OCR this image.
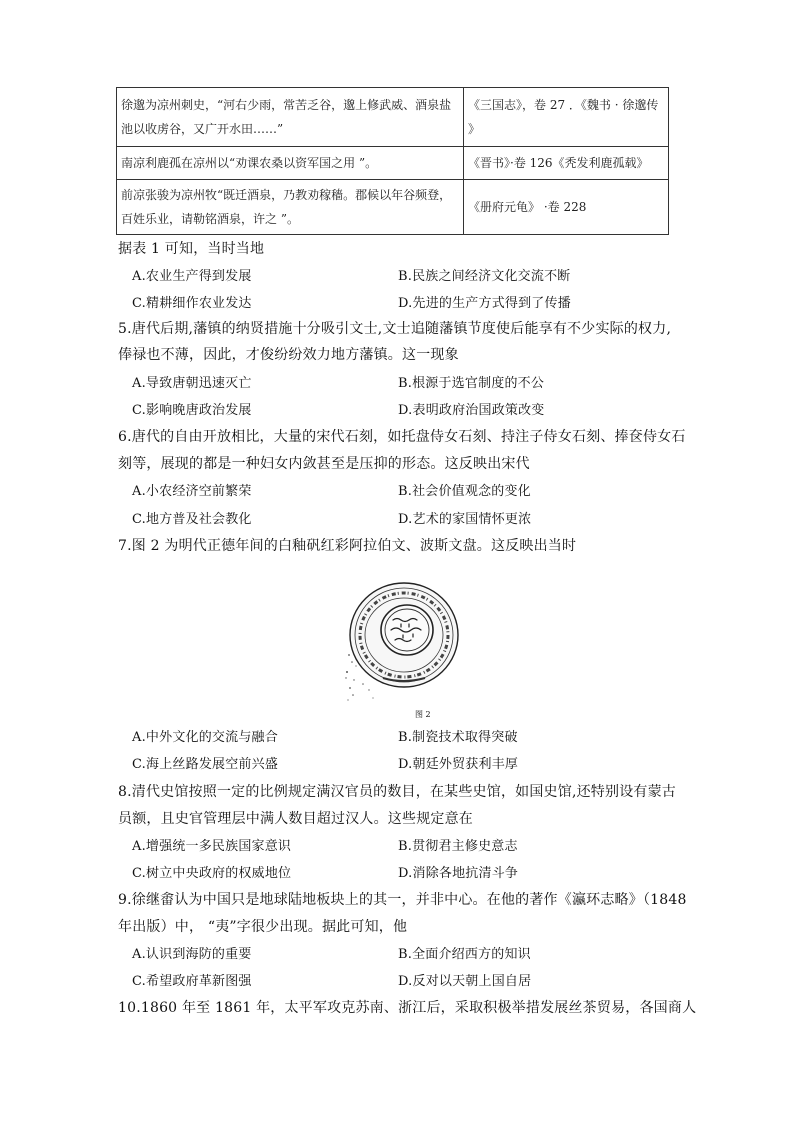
徐邈为凉州刺史，“河右少雨，常苦乏谷，邈上修武威、酒泉盐池以收虏谷，又广开水田……”	《三国志》，卷 27 ．《魏书 · 徐邈传 》
南凉利鹿孤在凉州以“劝课农桑以资军国之用 ”。	《晋书》·卷 126《秃发利鹿孤载》
前凉张骏为凉州牧“既迁酒泉，乃教劝稼穑。郡候以年谷频登，百姓乐业，请勒铭酒泉，许之 ”。	《册府元龟》 ·卷 228
据表 1 可知，当时当地
A.农业生产得到发展	B.民族之间经济文化交流不断
C.精耕细作农业发达	D.先进的生产方式得到了传播
5.唐代后期,藩镇的纳贤措施十分吸引文士,文士追随藩镇节度使后能享有不少实际的权力,
俸禄也不薄，因此，才俊纷纷效力地方藩镇。这一现象
A.导致唐朝迅速灭亡	B.根源于选官制度的不公
C.影响晚唐政治发展	D.表明政府治国政策改变
6.唐代的自由开放相比，大量的宋代石刻，如托盘侍女石刻、持注子侍女石刻、捧奁侍女石
刻等，展现的都是一种妇女内敛甚至是压抑的形态。这反映出宋代
A.小农经济空前繁荣	B.社会价值观念的变化
C.地方普及社会教化	D.艺术的家国情怀更浓
7.图 2 为明代正德年间的白釉矾红彩阿拉伯文、波斯文盘。这反映出当时
图 2
A.中外文化的交流与融合	B.制瓷技术取得突破
C.海上丝路发展空前兴盛	D.朝廷外贸获利丰厚
8.清代史馆按照一定的比例规定满汉官员的数目，在某些史馆，如国史馆,还特别设有蒙古
员额，且史官管理层中满人数目超过汉人。这些规定意在
A.增强统一多民族国家意识	B.贯彻君主修史意志
C.树立中央政府的权威地位	D.消除各地抗清斗争
9.徐继畬认为中国只是地球陆地板块上的其一，并非中心。在他的著作《瀛环志略》（1848
年出版）中， “夷”字很少出现。据此可知，他
A.认识到海防的重要	B.全面介绍西方的知识
C.希望政府革新图强	D.反对以天朝上国自居
10.1860 年至 1861 年，太平军攻克苏南、浙江后，采取积极举措发展丝茶贸易，各国商人
